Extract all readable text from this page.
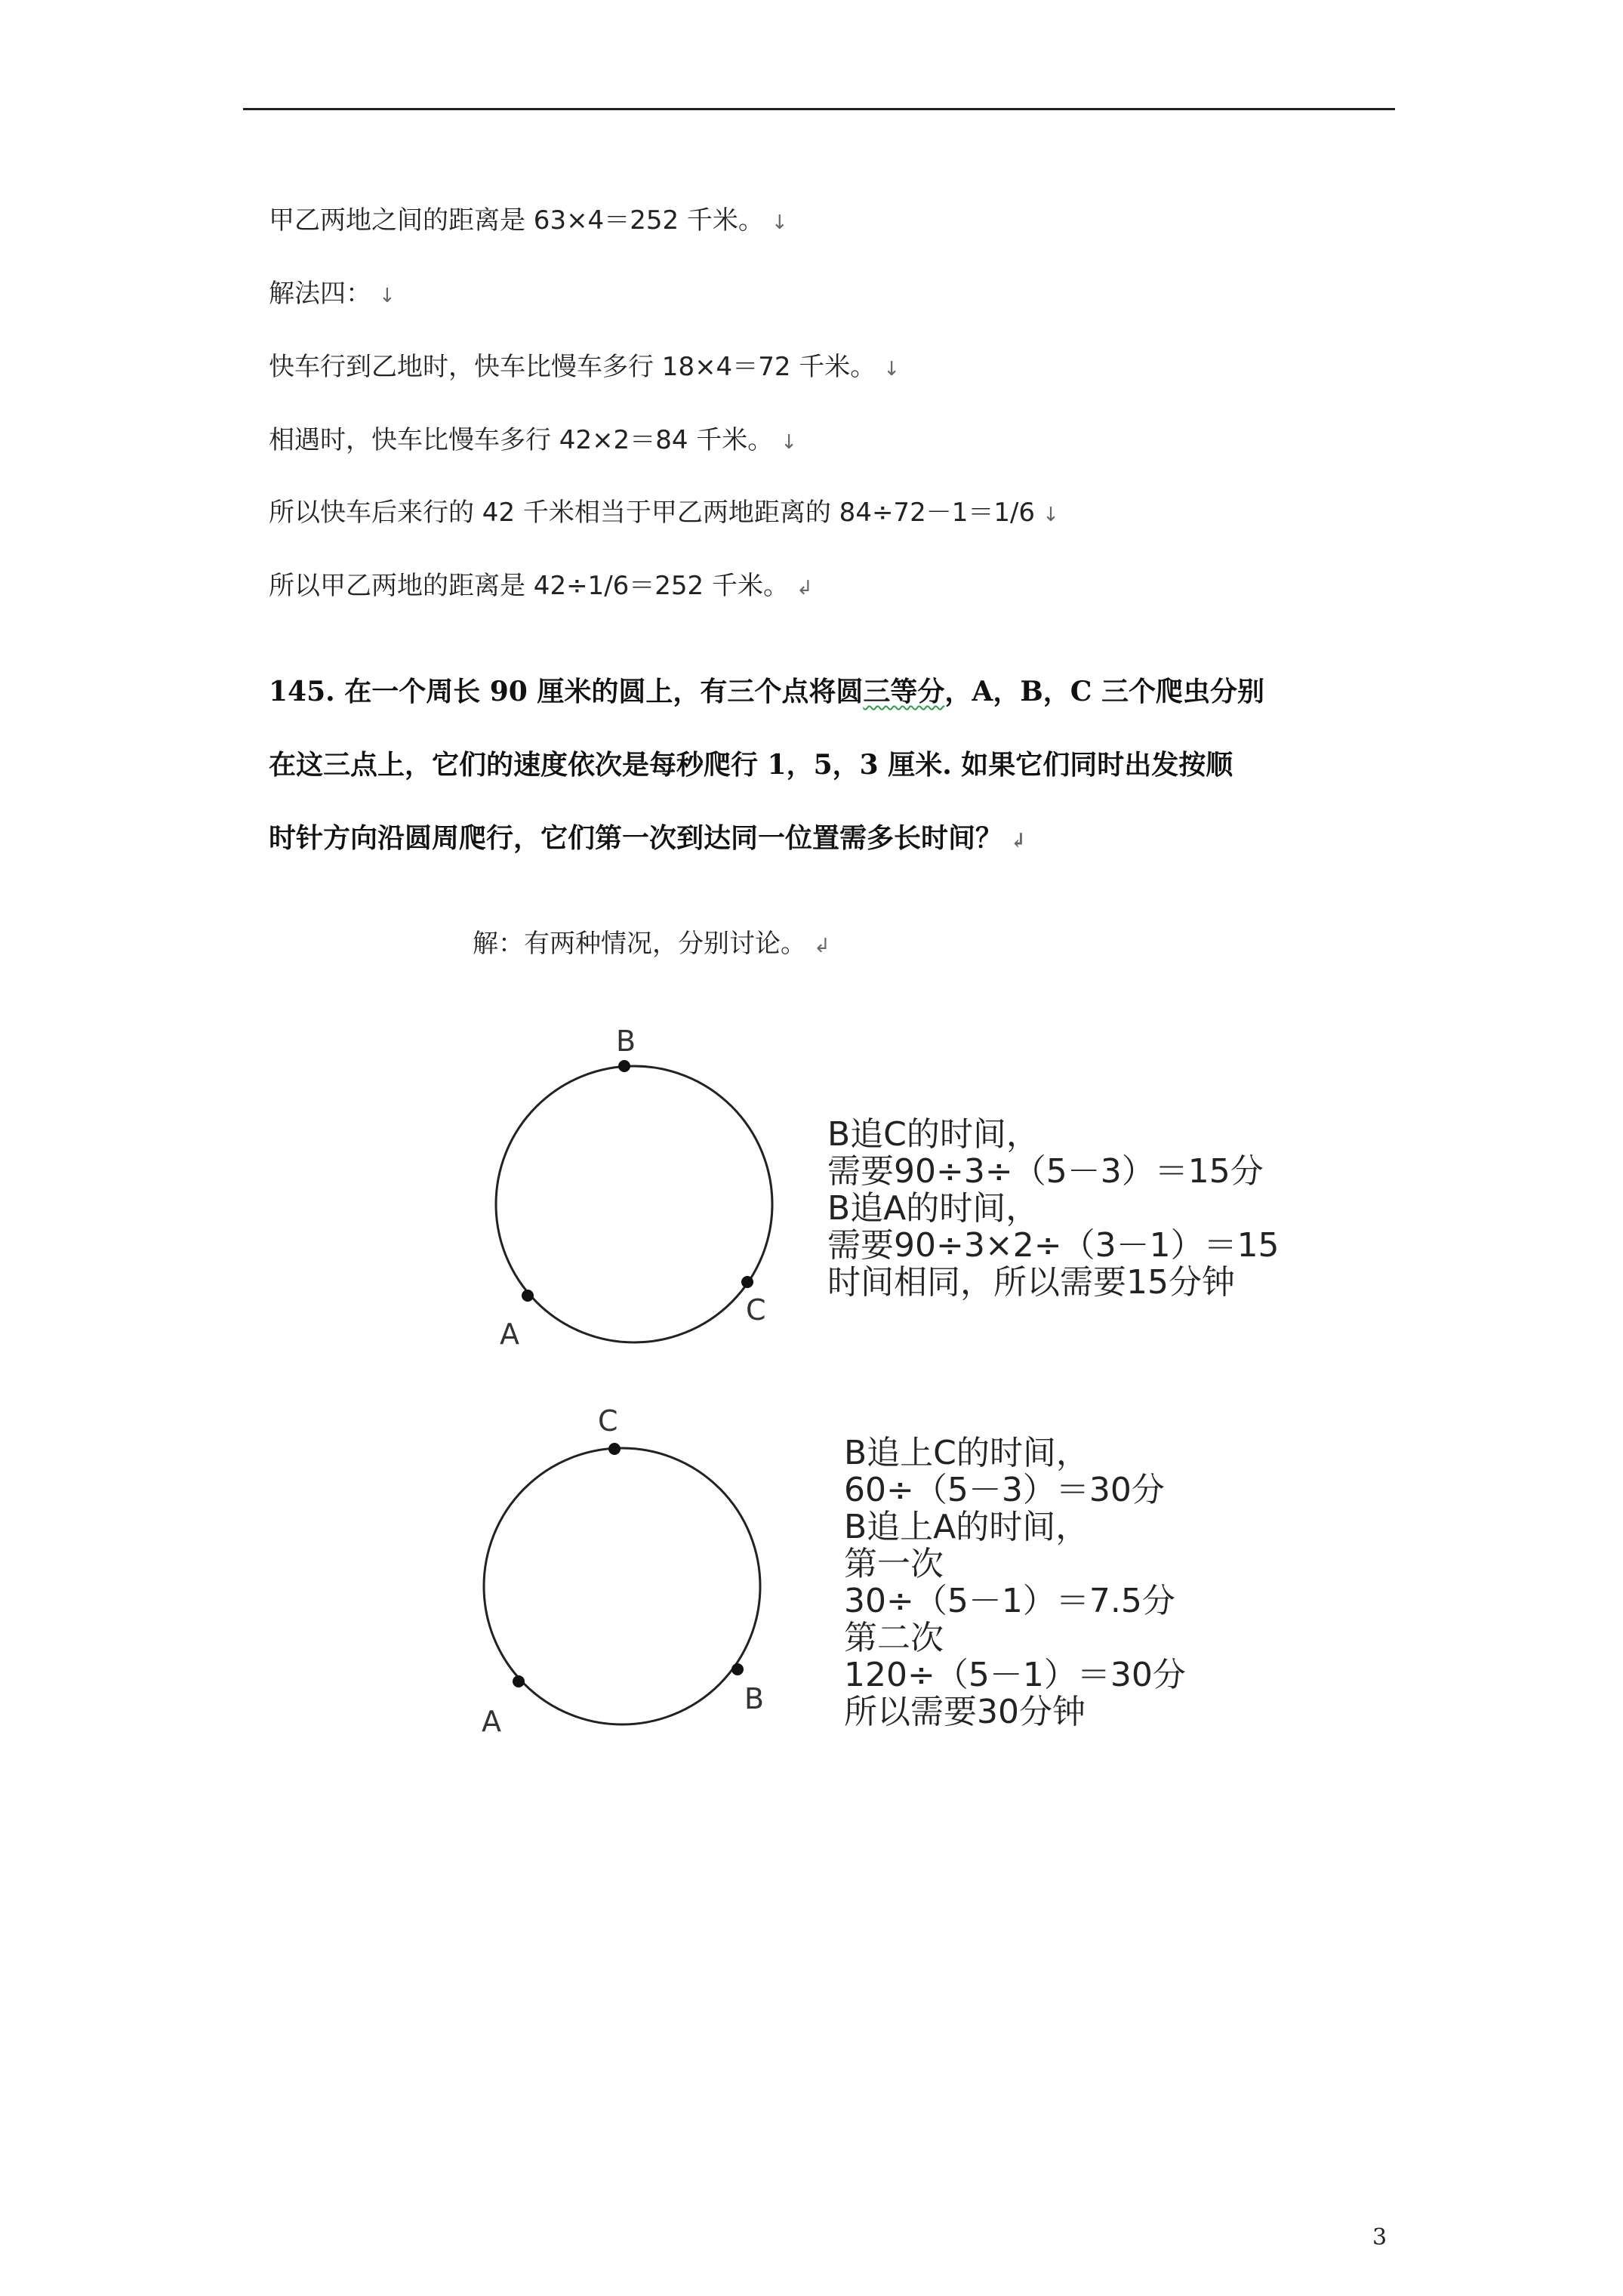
甲乙两地之间的距离是 63×4＝252 千米。 ↓
解法四： ↓
快车行到乙地时，快车比慢车多行 18×4＝72 千米。 ↓
相遇时，快车比慢车多行 42×2＝84 千米。 ↓
所以快车后来行的 42 千米相当于甲乙两地距离的 84÷72－1＝1/6 ↓
所以甲乙两地的距离是 42÷1/6＝252 千米。 ↲
145. 在一个周长 90 厘米的圆上，有三个点将圆三等分，A，B，C 三个爬虫分别
在这三点上，它们的速度依次是每秒爬行 1，5，3 厘米. 如果它们同时出发按顺
时针方向沿圆周爬行，它们第一次到达同一位置需多长时间？ ↲
解：有两种情况，分别讨论。 ↲
B
A
C
B追C的时间，
需要90÷3÷（5－3）＝15分
B追A的时间，
需要90÷3×2÷（3－1）＝15
时间相同，所以需要15分钟
C
A
B
B追上C的时间，
60÷（5－3）＝30分
B追上A的时间，
第一次
30÷（5－1）＝7.5分
第二次
120÷（5－1）＝30分
所以需要30分钟
3
